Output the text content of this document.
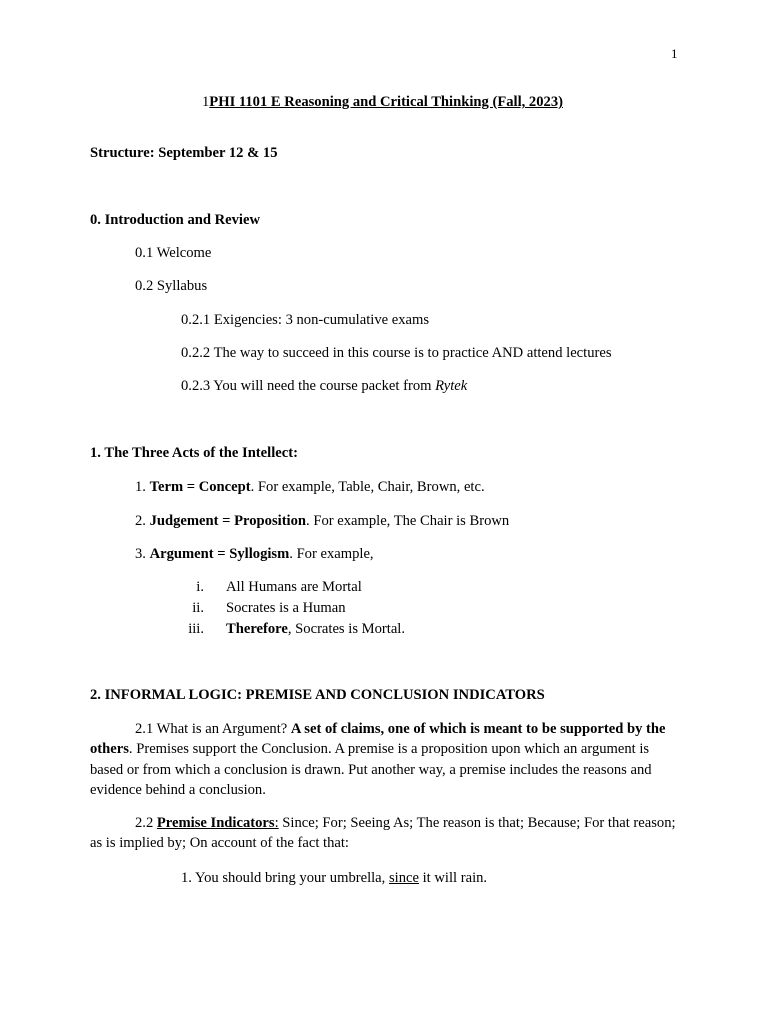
1
1PHI 1101 E Reasoning and Critical Thinking (Fall, 2023)
Structure: September 12 & 15
0. Introduction and Review
0.1 Welcome
0.2 Syllabus
0.2.1 Exigencies: 3 non-cumulative exams
0.2.2 The way to succeed in this course is to practice AND attend lectures
0.2.3 You will need the course packet from Rytek
1. The Three Acts of the Intellect:
1. Term = Concept. For example, Table, Chair, Brown, etc.
2. Judgement = Proposition. For example, The Chair is Brown
3. Argument = Syllogism. For example,
i. All Humans are Mortal
ii. Socrates is a Human
iii. Therefore, Socrates is Mortal.
2. INFORMAL LOGIC: PREMISE AND CONCLUSION INDICATORS
2.1 What is an Argument? A set of claims, one of which is meant to be supported by the others. Premises support the Conclusion. A premise is a proposition upon which an argument is based or from which a conclusion is drawn. Put another way, a premise includes the reasons and evidence behind a conclusion.
2.2 Premise Indicators: Since; For; Seeing As; The reason is that; Because; For that reason; as is implied by; On account of the fact that:
1. You should bring your umbrella, since it will rain.
